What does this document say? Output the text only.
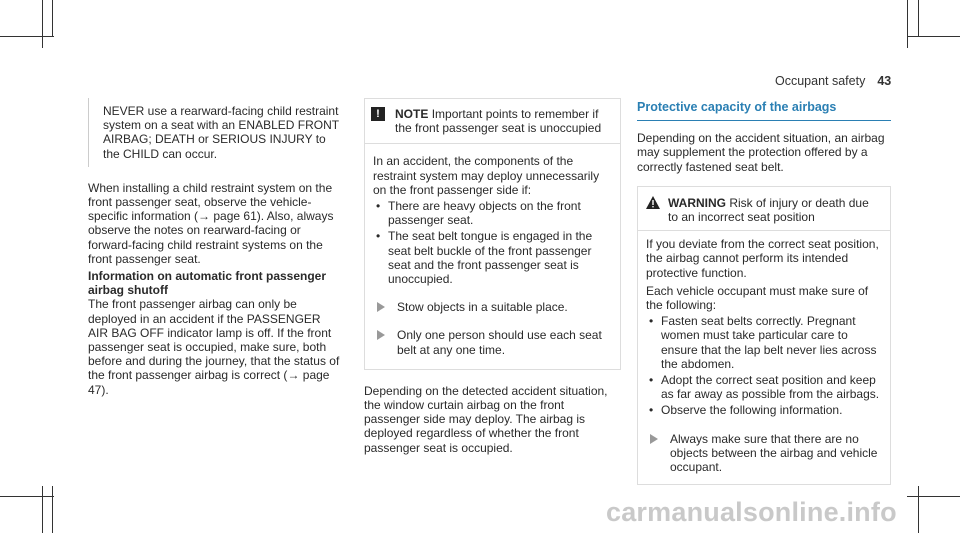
Occupant safety 43

NEVER use a rearward-facing child restraint system on a seat with an ENABLED FRONT AIRBAG; DEATH or SERIOUS INJURY to the CHILD can occur.

When installing a child restraint system on the front passenger seat, observe the vehicle-specific information (→ page 61). Also, always observe the notes on rearward-facing or forward-facing child restraint systems on the front passenger seat.

Information on automatic front passenger airbag shutoff

The front passenger airbag can only be deployed in an accident if the PASSENGER AIR BAG OFF indicator lamp is off. If the front passenger seat is occupied, make sure, both before and during the journey, that the status of the front passenger airbag is correct (→ page 47).

!	NOTE Important points to remember if the front passenger seat is unoccupied

In an accident, the components of the restraint system may deploy unnecessarily on the front passenger side if:

• There are heavy objects on the front passenger seat.
• The seat belt tongue is engaged in the seat belt buckle of the front passenger seat and the front passenger seat is unoccupied.

Stow objects in a suitable place.

Only one person should use each seat belt at any one time.

Depending on the detected accident situation, the window curtain airbag on the front passenger side may deploy. The airbag is deployed regardless of whether the front passenger seat is occupied.

Protective capacity of the airbags

Depending on the accident situation, an airbag may supplement the protection offered by a correctly fastened seat belt.

WARNING Risk of injury or death due to an incorrect seat position

If you deviate from the correct seat position, the airbag cannot perform its intended protective function.

Each vehicle occupant must make sure of the following:

• Fasten seat belts correctly. Pregnant women must take particular care to ensure that the lap belt never lies across the abdomen.
• Adopt the correct seat position and keep as far away as possible from the airbags.
• Observe the following information.

Always make sure that there are no objects between the airbag and vehicle occupant.

carmanualsonline.info
